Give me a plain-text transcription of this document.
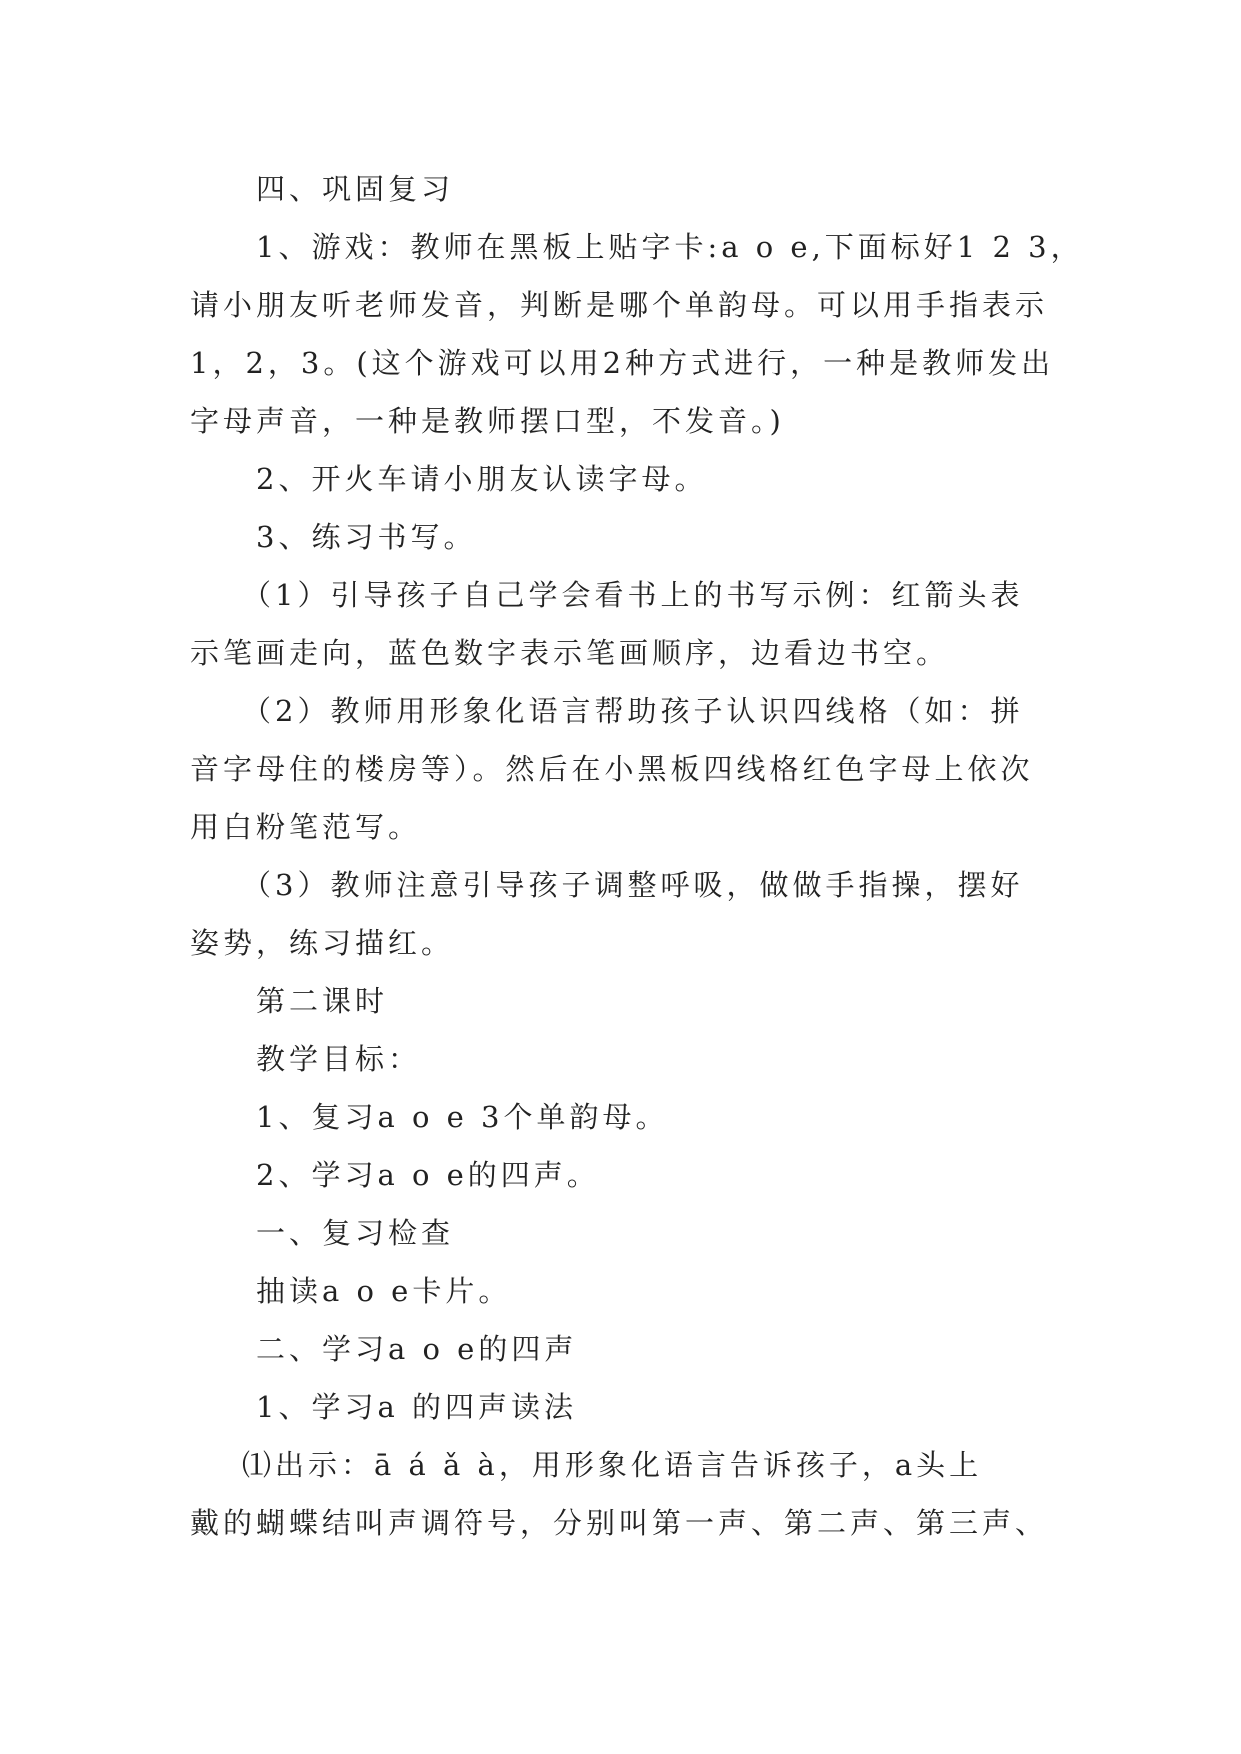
四、巩固复习
1、游戏：教师在黑板上贴字卡:a o e,下面标好1 2 3，
请小朋友听老师发音，判断是哪个单韵母。可以用手指表示
1，2，3。(这个游戏可以用2种方式进行，一种是教师发出
字母声音，一种是教师摆口型，不发音。)
2、开火车请小朋友认读字母。
3、练习书写。
（1）引导孩子自己学会看书上的书写示例：红箭头表
示笔画走向，蓝色数字表示笔画顺序，边看边书空。
（2）教师用形象化语言帮助孩子认识四线格（如：拼
音字母住的楼房等）。然后在小黑板四线格红色字母上依次
用白粉笔范写。
（3）教师注意引导孩子调整呼吸，做做手指操，摆好
姿势，练习描红。
第二课时
教学目标：
1、复习a o e 3个单韵母。
2、学习a o e的四声。
一、复习检查
抽读a o e卡片。
二、学习a o e的四声
1、学习a 的四声读法
⑴出示：ā á ǎ à，用形象化语言告诉孩子，a头上
戴的蝴蝶结叫声调符号，分别叫第一声、第二声、第三声、
